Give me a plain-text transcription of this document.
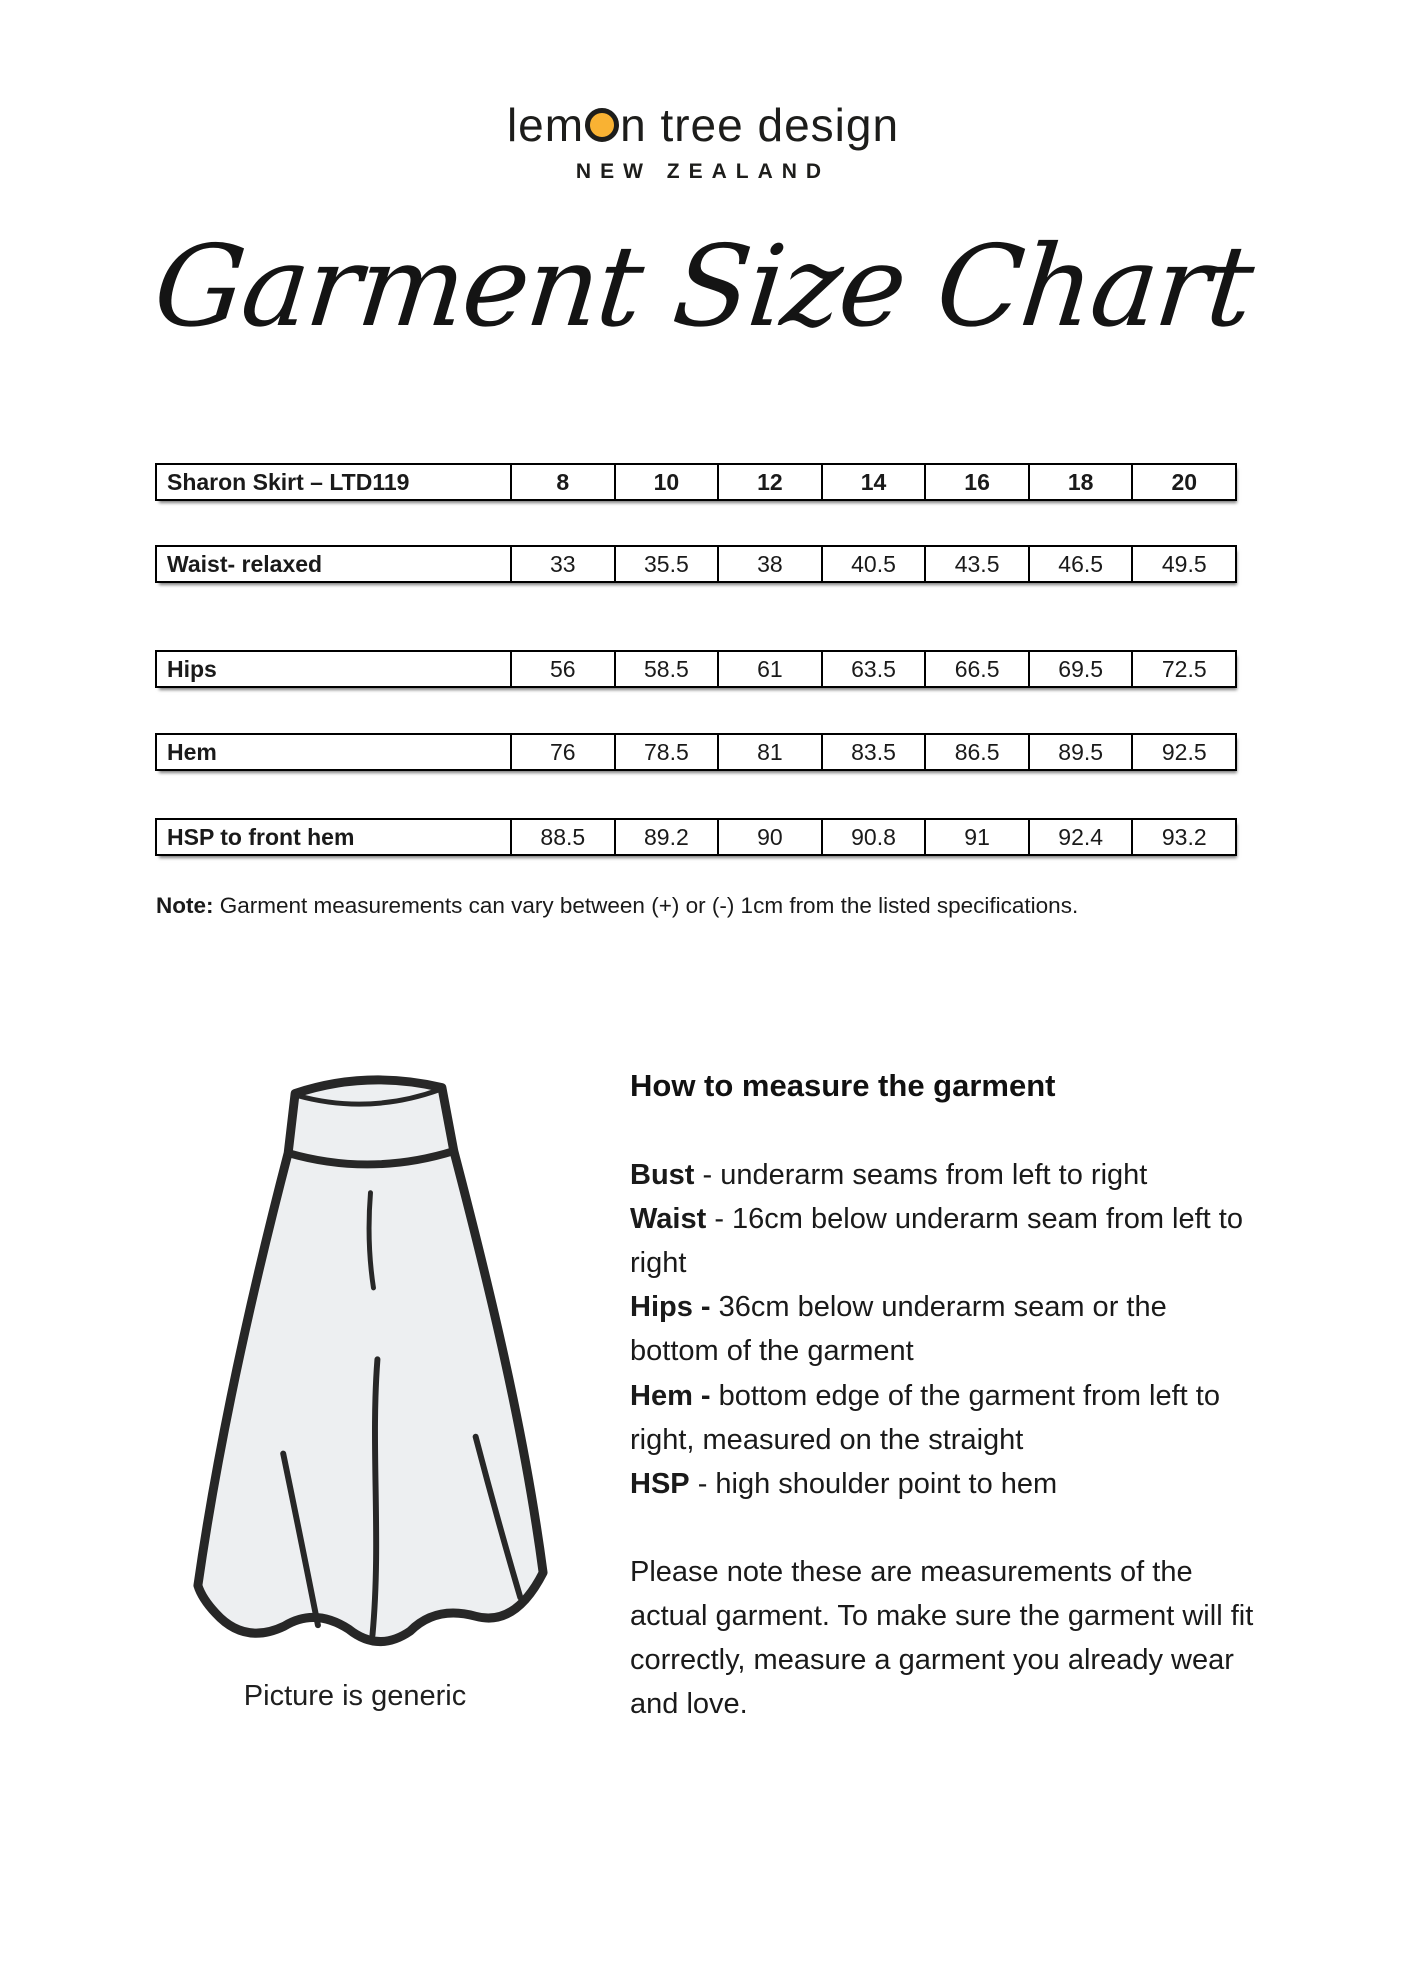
lem n tree design
NEW ZEALAND
Garment Size Chart
Sharon Skirt – LTD119	8	10	12	14	16	18	20
Waist- relaxed	33	35.5	38	40.5	43.5	46.5	49.5
Hips	56	58.5	61	63.5	66.5	69.5	72.5
Hem	76	78.5	81	83.5	86.5	89.5	92.5
HSP to front hem	88.5	89.2	90	90.8	91	92.4	93.2
Note: Garment measurements can vary between (+) or (-) 1cm from the listed specifications.
Picture is generic
How to measure the garment
Bust - underarm seams from left to right
Waist - 16cm below underarm seam from left to right
Hips - 36cm below underarm seam or the bottom of the garment
Hem - bottom edge of the garment from left to right, measured on the straight
HSP - high shoulder point to hem
Please note these are measurements of the actual garment. To make sure the garment will fit correctly, measure a garment you already wear and love.
